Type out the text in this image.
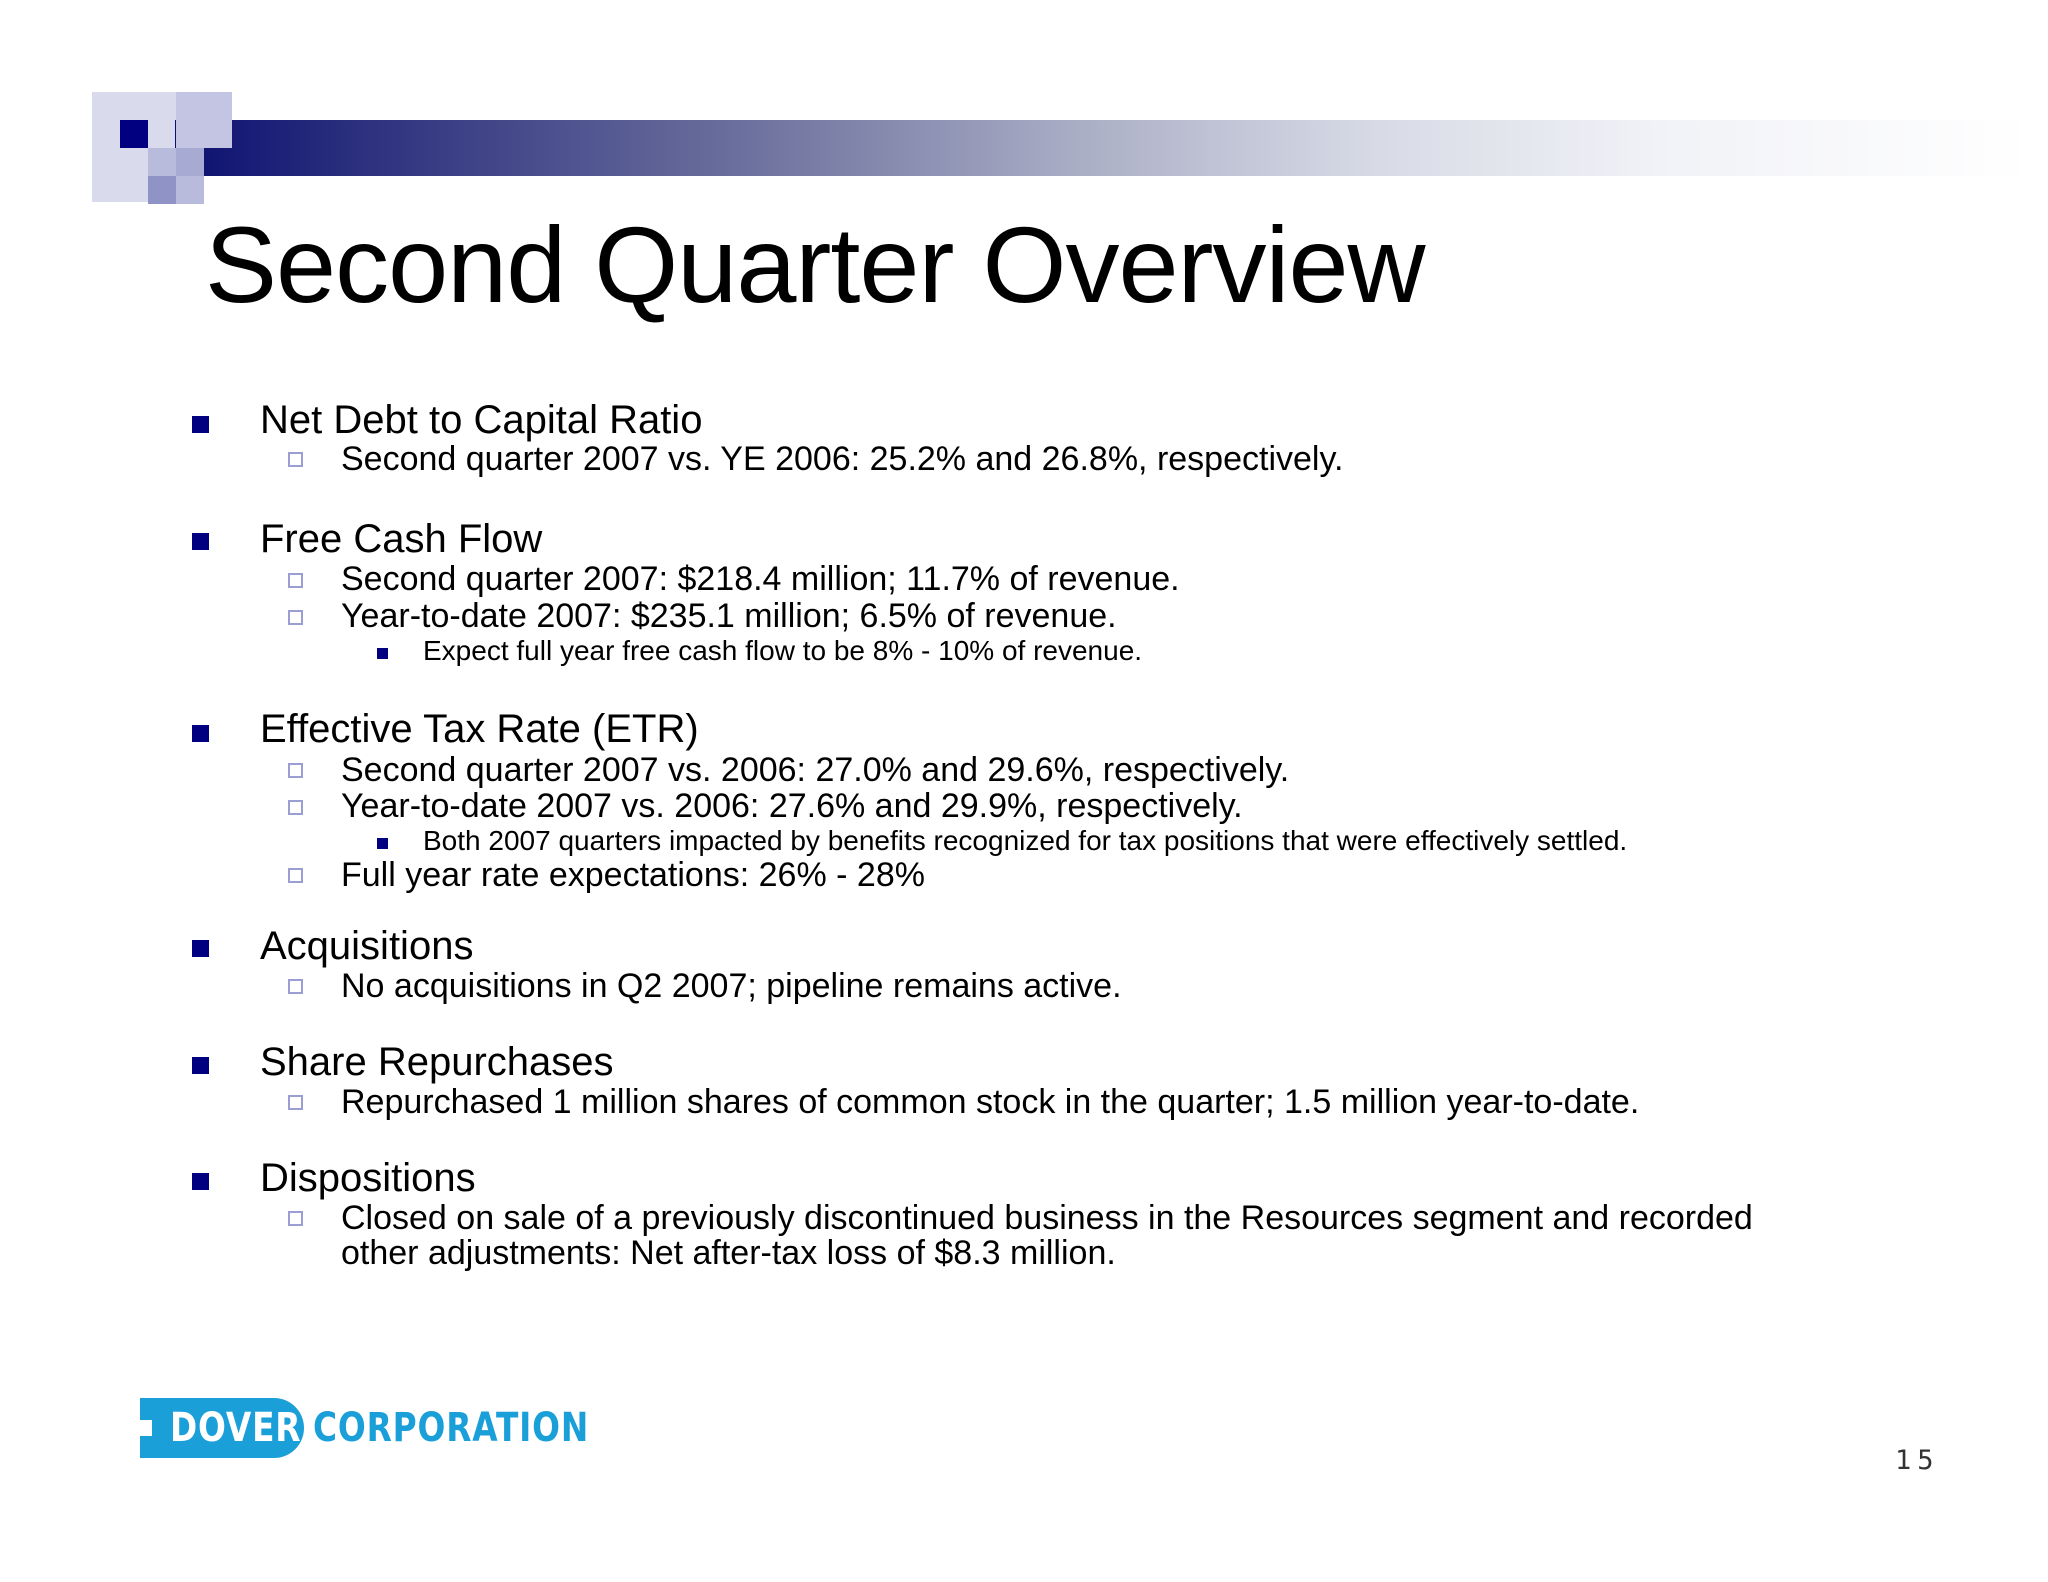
Second Quarter Overview
Net Debt to Capital Ratio
Second quarter 2007 vs. YE 2006: 25.2% and 26.8%, respectively.
Free Cash Flow
Second quarter 2007: $218.4 million; 11.7% of revenue.
Year-to-date 2007: $235.1 million; 6.5% of revenue.
Expect full year free cash flow to be 8% - 10% of revenue.
Effective Tax Rate (ETR)
Second quarter 2007 vs. 2006: 27.0% and 29.6%, respectively.
Year-to-date 2007 vs. 2006: 27.6% and 29.9%, respectively.
Both 2007 quarters impacted by benefits recognized for tax positions that were effectively settled.
Full year rate expectations: 26% - 28%
Acquisitions
No acquisitions in Q2 2007; pipeline remains active.
Share Repurchases
Repurchased 1 million shares of common stock in the quarter; 1.5 million year-to-date.
Dispositions
Closed on sale of a previously discontinued business in the Resources segment and recorded
other adjustments: Net after-tax loss of $8.3 million.
DOVER CORPORATION
15
